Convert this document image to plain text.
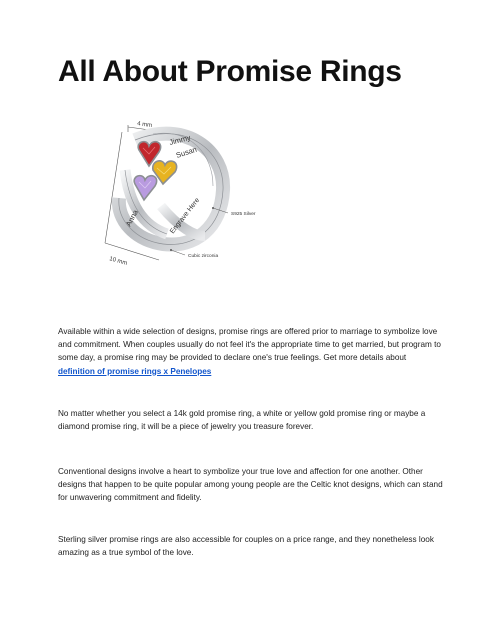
All About Promise Rings
4 mm
10 mm
Jimmy
Susan
Anna	Engrave Here	S925 Silver
Cubic zirconia

Available within a wide selection of designs, promise rings are offered prior to marriage to symbolize love and commitment. When couples usually do not feel it's the appropriate time to get married, but program to some day, a promise ring may be provided to declare one's true feelings. Get more details about definition of promise rings x Penelopes

No matter whether you select a 14k gold promise ring, a white or yellow gold promise ring or maybe a diamond promise ring, it will be a piece of jewelry you treasure forever.

Conventional designs involve a heart to symbolize your true love and affection for one another. Other designs that happen to be quite popular among young people are the Celtic knot designs, which can stand for unwavering commitment and fidelity.

Sterling silver promise rings are also accessible for couples on a price range, and they nonetheless look amazing as a true symbol of the love.
